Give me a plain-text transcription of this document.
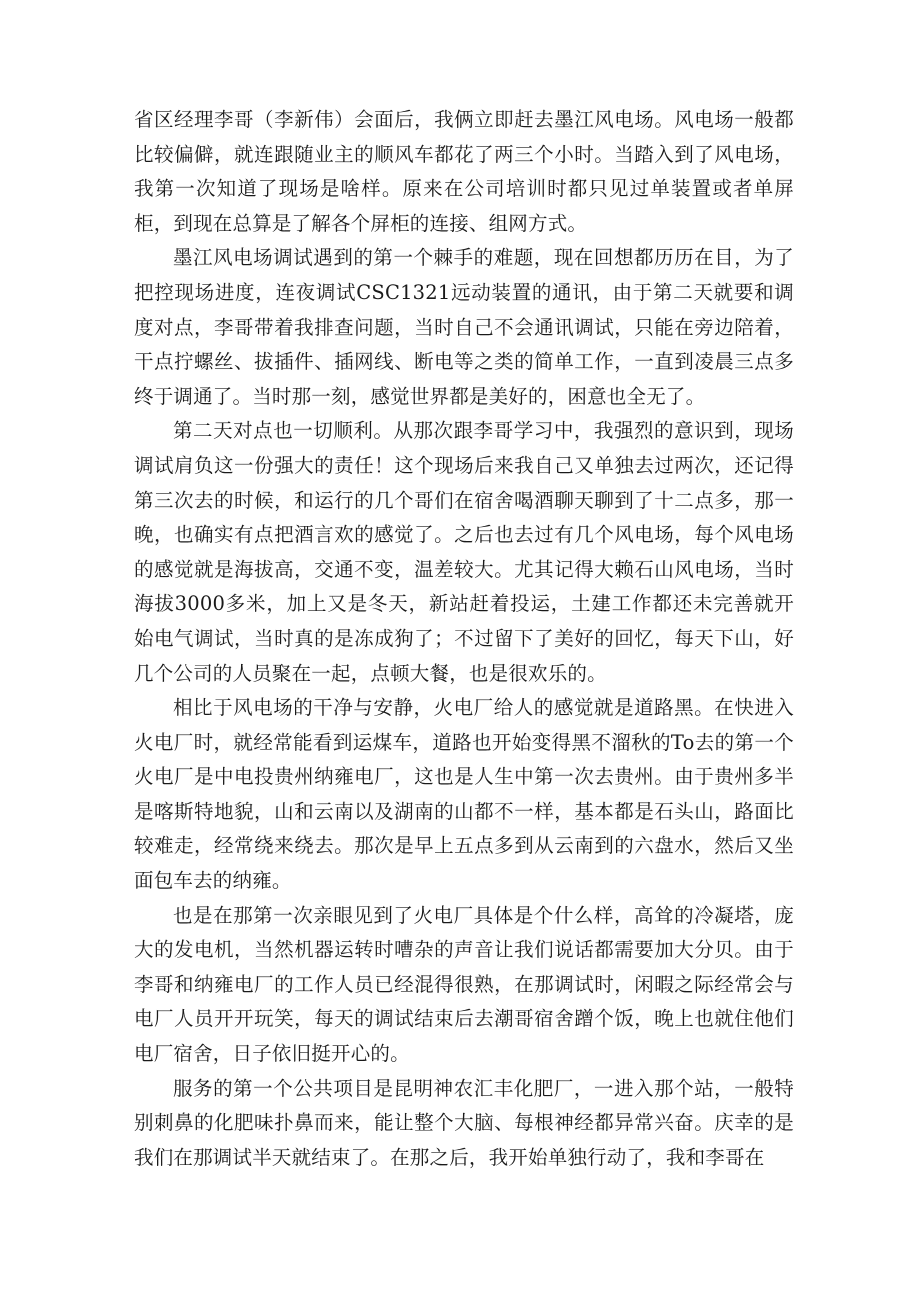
省区经理李哥（李新伟）会面后，我俩立即赶去墨江风电场。风电场一般都比较偏僻，就连跟随业主的顺风车都花了两三个小时。当踏入到了风电场，我第一次知道了现场是啥样。原来在公司培训时都只见过单装置或者单屏柜，到现在总算是了解各个屏柜的连接、组网方式。

墨江风电场调试遇到的第一个棘手的难题，现在回想都历历在目，为了把控现场进度，连夜调试CSC1321远动装置的通讯，由于第二天就要和调度对点，李哥带着我排查问题，当时自己不会通讯调试，只能在旁边陪着，干点拧螺丝、拔插件、插网线、断电等之类的简单工作，一直到凌晨三点多终于调通了。当时那一刻，感觉世界都是美好的，困意也全无了。

第二天对点也一切顺利。从那次跟李哥学习中，我强烈的意识到，现场调试肩负这一份强大的责任！这个现场后来我自己又单独去过两次，还记得第三次去的时候，和运行的几个哥们在宿舍喝酒聊天聊到了十二点多，那一晚，也确实有点把酒言欢的感觉了。之后也去过有几个风电场，每个风电场的感觉就是海拔高，交通不变，温差较大。尤其记得大赖石山风电场，当时海拔3000多米，加上又是冬天，新站赶着投运，土建工作都还未完善就开始电气调试，当时真的是冻成狗了；不过留下了美好的回忆，每天下山，好几个公司的人员聚在一起，点顿大餐，也是很欢乐的。

相比于风电场的干净与安静，火电厂给人的感觉就是道路黑。在快进入火电厂时，就经常能看到运煤车，道路也开始变得黑不溜秋的To去的第一个火电厂是中电投贵州纳雍电厂，这也是人生中第一次去贵州。由于贵州多半是喀斯特地貌，山和云南以及湖南的山都不一样，基本都是石头山，路面比较难走，经常绕来绕去。那次是早上五点多到从云南到的六盘水，然后又坐面包车去的纳雍。

也是在那第一次亲眼见到了火电厂具体是个什么样，高耸的冷凝塔，庞大的发电机，当然机器运转时嘈杂的声音让我们说话都需要加大分贝。由于李哥和纳雍电厂的工作人员已经混得很熟，在那调试时，闲暇之际经常会与电厂人员开开玩笑，每天的调试结束后去潮哥宿舍蹭个饭，晚上也就住他们电厂宿舍，日子依旧挺开心的。

服务的第一个公共项目是昆明神农汇丰化肥厂，一进入那个站，一般特别刺鼻的化肥味扑鼻而来，能让整个大脑、每根神经都异常兴奋。庆幸的是我们在那调试半天就结束了。在那之后，我开始单独行动了，我和李哥在
